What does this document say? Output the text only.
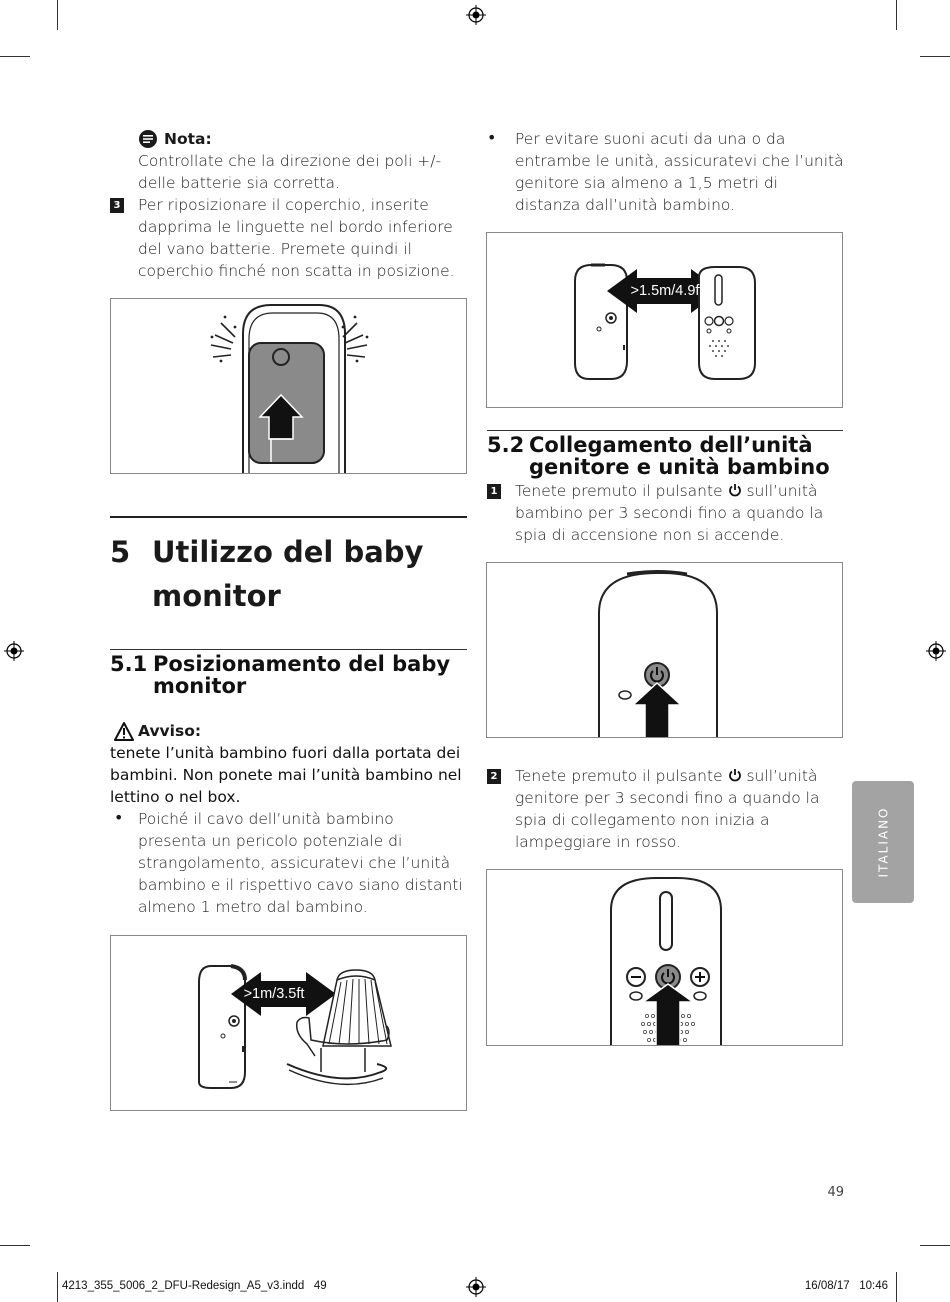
Nota:
Controllate che la direzione dei poli +/- delle batterie sia corretta.
3 Per riposizionare il coperchio, inserite dapprima le linguette nel bordo inferiore del vano batterie. Premete quindi il coperchio finché non scatta in posizione.
5 Utilizzo del baby
monitor
5.1 Posizionamento del baby
monitor
Avviso:
tenete l’unità bambino fuori dalla portata dei bambini. Non ponete mai l’unità bambino nel lettino o nel box.
• Poiché il cavo dell’unità bambino presenta un pericolo potenziale di strangolamento, assicuratevi che l’unità bambino e il rispettivo cavo siano distanti almeno 1 metro dal bambino.
>1m/3.5ft
• Per evitare suoni acuti da una o da entrambe le unità, assicuratevi che l’unità genitore sia almeno a 1,5 metri di distanza dall’unità bambino.
>1.5m/4.9ft
5.2 Collegamento dell’unità
genitore e unità bambino
1 Tenete premuto il pulsante sull’unità bambino per 3 secondi fino a quando la spia di accensione non si accende.
2 Tenete premuto il pulsante sull’unità genitore per 3 secondi fino a quando la spia di collegamento non inizia a lampeggiare in rosso.	ITALIANO
49
4213_355_5006_2_DFU-Redesign_A5_v3.indd   49	16/08/17   10:46
